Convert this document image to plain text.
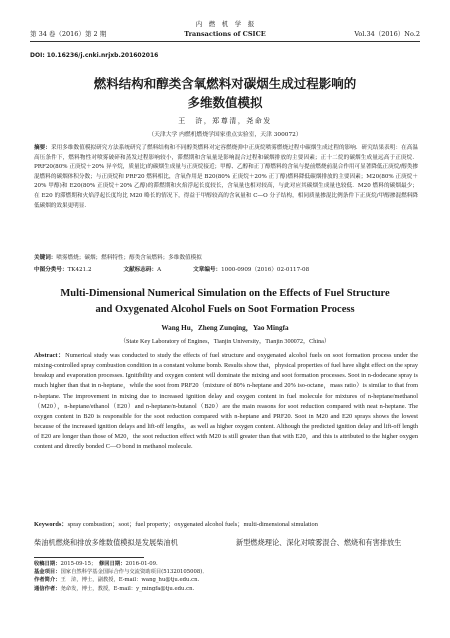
第 34 卷（2016）第 2 期
内　燃　机　学　报
Transactions of CSICE	Vol.34（2016）No.2
DOI: 10.16236/j.cnki.nrjxb.201602016
燃料结构和醇类含氧燃料对碳烟生成过程影响的
多维数值模拟
王　浒，郑尊清，尧命发
（天津大学 内燃机燃烧学国家重点实验室，天津 300072）
摘要：采用多维数值模拟研究方法系统研究了燃料结构和不同醇类燃料对定容燃烧弹中正庚烷喷雾燃烧过程中碳烟生成过程的影响．研究结果表明：在高温高压条件下，燃料物性对喷雾破碎和蒸发过程影响较小，滞燃期和含氧量是影响混合过程和碳烟排放的主要因素；正十二烷的碳烟生成量远高于正庚烷．PRF20(80% 正庚烷＋20% 异辛烷，质量比)的碳烟生成量与正庚烷接近；甲醇、乙醇和正丁醇燃料的含氧与提前燃烧前混合作用可显著降低正庚烷/醇类掺混燃料的碳烟体积分数；与正庚烷和 PRF20 燃料相比，含氧作用是 B20(80% 正庚烷＋20% 正丁醇)燃料降低碳烟排放的主要因素；M20(80% 正庚烷＋20% 甲醇)和 E20(80% 正庚烷＋20% 乙醇)的滞燃期和火焰浮起长度较长，含氧量也相对较高，与此对应其碳烟生成量也较低．M20 燃料的碳烟最少；在 E20 的滞燃期和火焰浮起长度均比 M20 略长的情况下，得益于甲醇较高的含氧量和 C—O 分子结构，相同质量掺混比例条件下正庚烷/甲醇掺混燃料降低碳烟的效果更明显．
关键词：喷雾燃烧；碳烟；燃料特性；醇类含氧燃料；多维数值模拟
中图分类号：TK421.2	文献标志码：A	文章编号：1000-0909（2016）02-0117-08
Multi-Dimensional Numerical Simulation on the Effects of Fuel Structure
and Oxygenated Alcohol Fuels on Soot Formation Process
Wang Hu，Zheng Zunqing，Yao Mingfa
（State Key Laboratory of Engines，Tianjin University，Tianjin 300072，China）
Abstract：Numerical study was conducted to study the effects of fuel structure and oxygenated alcohol fuels on soot formation process under the mixing-controlled spray combustion condition in a constant volume bomb. Results show that，physical properties of fuel have slight effect on the spray breakup and evaporation processes. Ignitibility and oxygen content will dominate the mixing and soot formation processes. Soot in n-dodecane spray is much higher than that in n-heptane，while the soot from PRF20（mixture of 80% n-heptane and 20% iso-octane，mass ratio）is similar to that from n-heptane. The improvement in mixing due to increased ignition delay and oxygen content in fuel molecule for mixtures of n-heptane/methanol（M20），n-heptane/ethanol（E20）and n-heptane/n-butanol（B20）are the main reasons for soot reduction compared with neat n-heptane. The oxygen content in B20 is responsible for the soot reduction compared with n-heptane and PRF20. Soot in M20 and E20 sprays shows the lowest because of the increased ignition delays and lift-off lengths，as well as higher oxygen content. Although the predicted ignition delay and lift-off length of E20 are longer than those of M20，the soot reduction effect with M20 is still greater than that with E20，and this is attributed to the higher oxygen content and directly bonded C—O bond in methanol molecule.
Keywords：spray combustion；soot；fuel property；oxygenated alcohol fuels；multi-dimensional simulation
柴油机燃烧和排放多维数值模拟是发展柴油机	新型燃烧理论、深化对喷雾混合、燃烧和有害排放生
收稿日期：2015-09-15；　 修回日期：2016-01-09.
基金项目：国家自然科学基金国际合作与交流资助项目(51320105008)．
作者简介：王　浒，博士，副教授，E-mail：wang_hu@tju.edu.cn.
通信作者：尧命发，博士，教授，E-mail：y_mingfa@tju.edu.cn.
